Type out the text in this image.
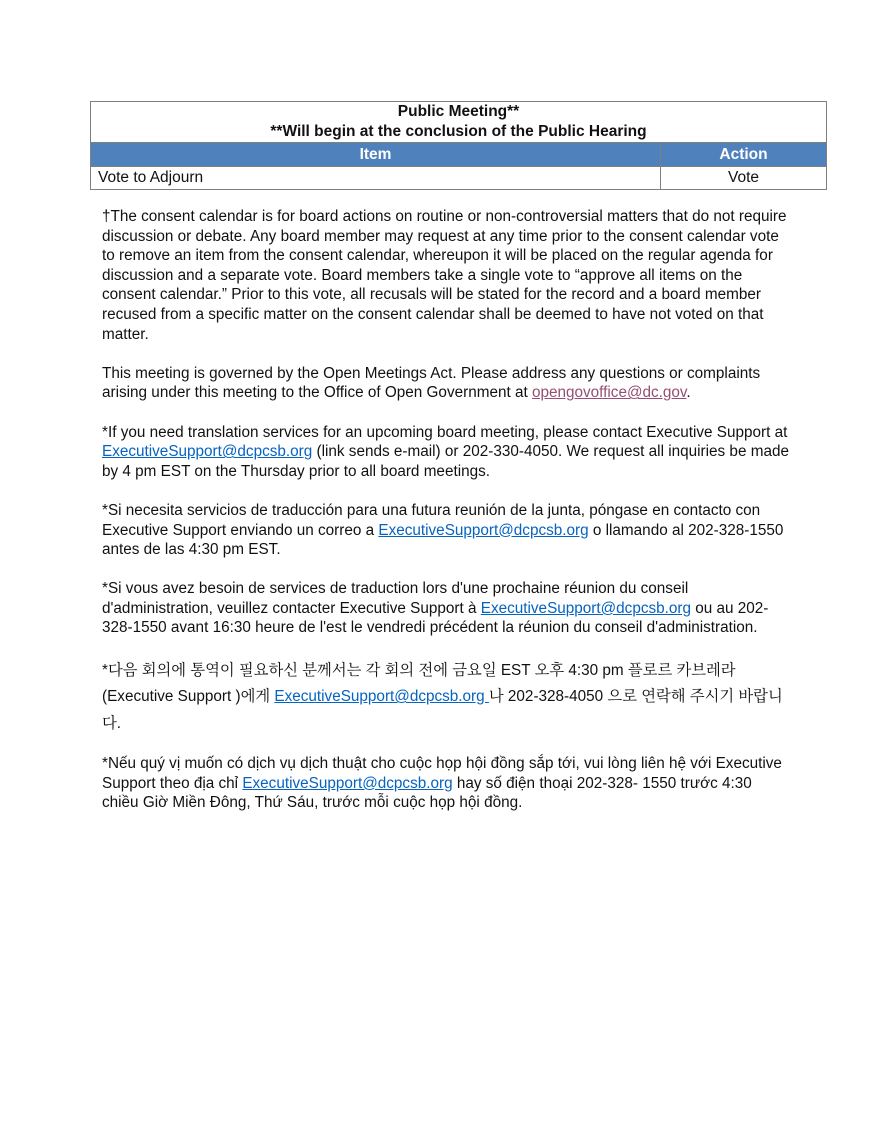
Public Meeting**
**Will begin at the conclusion of the Public Hearing	

Item	Action
Vote to Adjourn	Vote

†The consent calendar is for board actions on routine or non-controversial matters that do not require discussion or debate. Any board member may request at any time prior to the consent calendar vote to remove an item from the consent calendar, whereupon it will be placed on the regular agenda for discussion and a separate vote. Board members take a single vote to “approve all items on the consent calendar.” Prior to this vote, all recusals will be stated for the record and a board member recused from a specific matter on the consent calendar shall be deemed to have not voted on that matter.

This meeting is governed by the Open Meetings Act. Please address any questions or complaints arising under this meeting to the Office of Open Government at opengovoffice@dc.gov.

*If you need translation services for an upcoming board meeting, please contact Executive Support at ExecutiveSupport@dcpcsb.org (link sends e-mail) or 202-330-4050. We request all inquiries be made by 4 pm EST on the Thursday prior to all board meetings.

*Si necesita servicios de traducción para una futura reunión de la junta, póngase en contacto con Executive Support enviando un correo a ExecutiveSupport@dcpcsb.org o llamando al 202-328-1550 antes de las 4:30 pm EST.

*Si vous avez besoin de services de traduction lors d'une prochaine réunion du conseil d'administration, veuillez contacter Executive Support à ExecutiveSupport@dcpcsb.org ou au 202-328-1550 avant 16:30 heure de l'est le vendredi précédent la réunion du conseil d'administration.

*다음 회의에 통역이 필요하신 분께서는 각 회의 전에 금요일 EST 오후 4:30 pm 플로르 카브레라 (Executive Support )에게 ExecutiveSupport@dcpcsb.org 나 202-328-4050 으로 연락해 주시기 바랍니다.

*Nếu quý vị muốn có dịch vụ dịch thuật cho cuộc họp hội đồng sắp tới, vui lòng liên hệ với Executive Support theo địa chỉ ExecutiveSupport@dcpcsb.org hay số điện thoại 202-328- 1550 trước 4:30 chiều Giờ Miền Đông, Thứ Sáu, trước mỗi cuộc họp hội đồng.
